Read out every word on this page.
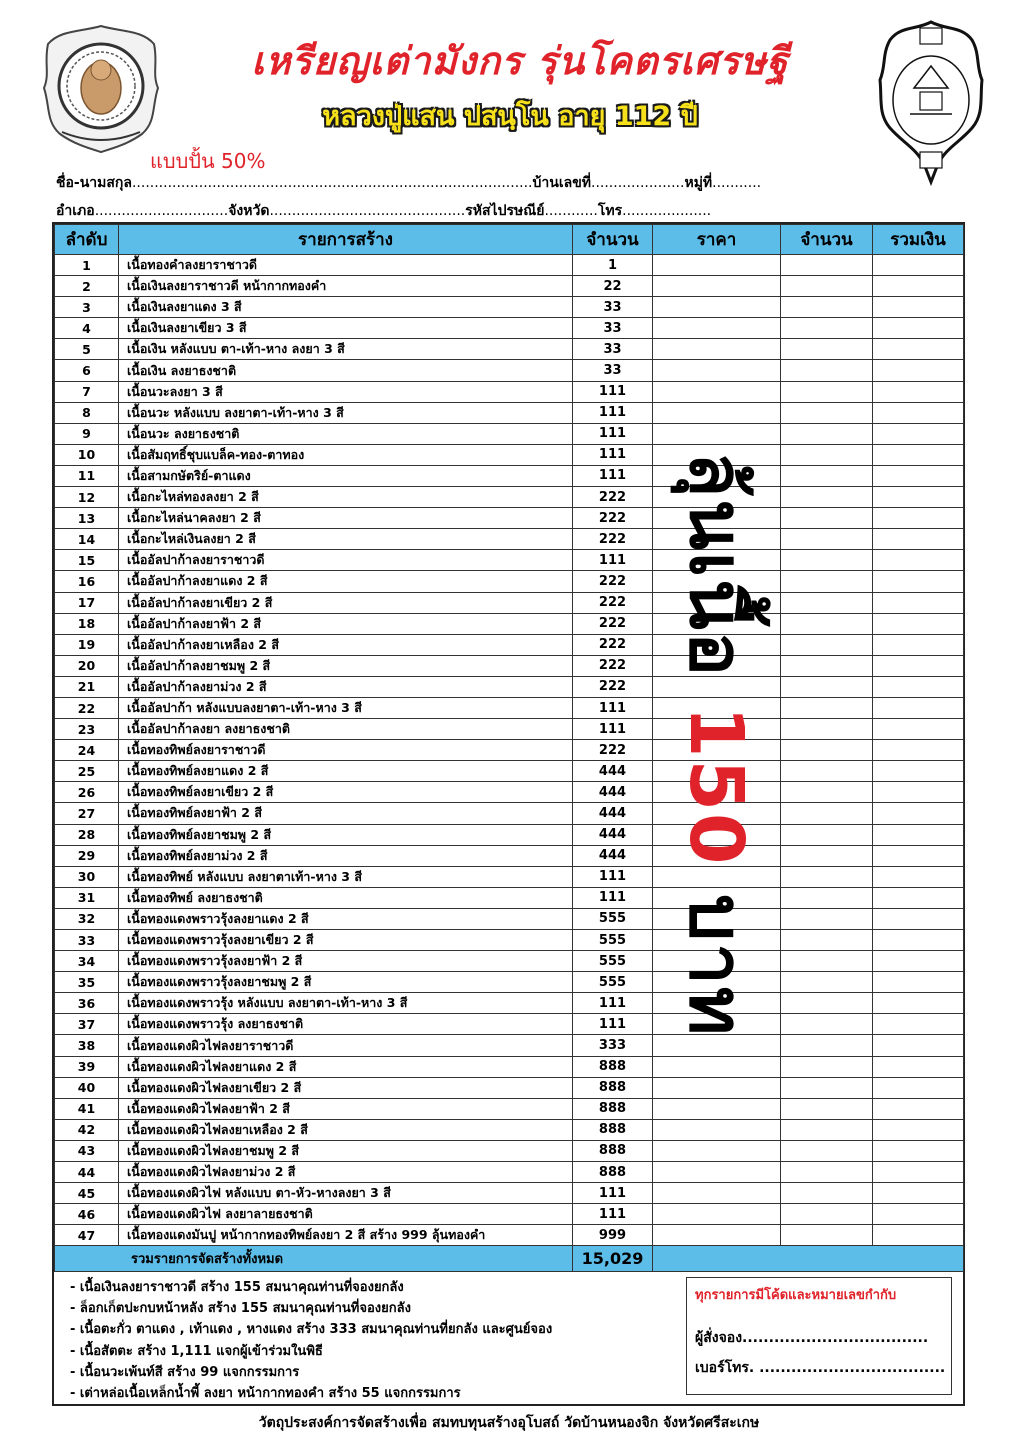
เหรียญเต่ามังกร รุ่นโคตรเศรษฐี
หลวงปู่แสน ปสนฺโน อายุ 112 ปี
แบบปั้น 50%
ชื่อ-นามสกุล..........................................................................................บ้านเลขที่.....................หมู่ที่...........
อำเภอ..............................จังหวัด............................................รหัสไปรษณีย์............โทร....................
ลำดับ	รายการสร้าง	จำนวน	ราคา	จำนวน	รวมเงิน
1	เนื้อทองคำลงยาราชาวดี	1			
2	เนื้อเงินลงยาราชาวดี หน้ากากทองคำ	22			
3	เนื้อเงินลงยาแดง 3 สี	33			
4	เนื้อเงินลงยาเขียว 3 สี	33			
5	เนื้อเงิน หลังแบบ ตา-เท้า-หาง ลงยา 3 สี	33			
6	เนื้อเงิน ลงยาธงชาติ	33			
7	เนื้อนวะลงยา 3 สี	111			
8	เนื้อนวะ หลังแบบ ลงยาตา-เท้า-หาง 3 สี	111			
9	เนื้อนวะ ลงยาธงชาติ	111			
10	เนื้อสัมฤทธิ์ชุบแบล็ค-ทอง-ตาทอง	111			
11	เนื้อสามกษัตริย์-ตาแดง	111			
12	เนื้อกะไหล่ทองลงยา 2 สี	222			
13	เนื้อกะไหล่นาคลงยา 2 สี	222			
14	เนื้อกะไหล่เงินลงยา 2 สี	222			
15	เนื้ออัลปาก้าลงยาราชาวดี	111			
16	เนื้ออัลปาก้าลงยาแดง 2 สี	222			
17	เนื้ออัลปาก้าลงยาเขียว 2 สี	222			
18	เนื้ออัลปาก้าลงยาฟ้า 2 สี	222			
19	เนื้ออัลปาก้าลงยาเหลือง 2 สี	222			
20	เนื้ออัลปาก้าลงยาชมพู 2 สี	222			
21	เนื้ออัลปาก้าลงยาม่วง 2 สี	222			
22	เนื้ออัลปาก้า หลังแบบลงยาตา-เท้า-หาง 3 สี	111			
23	เนื้ออัลปาก้าลงยา ลงยาธงชาติ	111			
24	เนื้อทองทิพย์ลงยาราชาวดี	222			
25	เนื้อทองทิพย์ลงยาแดง 2 สี	444			
26	เนื้อทองทิพย์ลงยาเขียว 2 สี	444			
27	เนื้อทองทิพย์ลงยาฟ้า 2 สี	444			
28	เนื้อทองทิพย์ลงยาชมพู 2 สี	444			
29	เนื้อทองทิพย์ลงยาม่วง 2 สี	444			
30	เนื้อทองทิพย์ หลังแบบ ลงยาตาเท้า-หาง 3 สี	111			
31	เนื้อทองทิพย์ ลงยาธงชาติ	111			
32	เนื้อทองแดงพราวรุ้งลงยาแดง 2 สี	555			
33	เนื้อทองแดงพราวรุ้งลงยาเขียว 2 สี	555			
34	เนื้อทองแดงพราวรุ้งลงยาฟ้า 2 สี	555			
35	เนื้อทองแดงพราวรุ้งลงยาชมพู 2 สี	555			
36	เนื้อทองแดงพราวรุ้ง หลังแบบ ลงยาตา-เท้า-หาง 3 สี	111			
37	เนื้อทองแดงพราวรุ้ง ลงยาธงชาติ	111			
38	เนื้อทองแดงผิวไฟลงยาราชาวดี	333			
39	เนื้อทองแดงผิวไฟลงยาแดง 2 สี	888			
40	เนื้อทองแดงผิวไฟลงยาเขียว 2 สี	888			
41	เนื้อทองแดงผิวไฟลงยาฟ้า 2 สี	888			
42	เนื้อทองแดงผิวไฟลงยาเหลือง 2 สี	888			
43	เนื้อทองแดงผิวไฟลงยาชมพู 2 สี	888			
44	เนื้อทองแดงผิวไฟลงยาม่วง 2 สี	888			
45	เนื้อทองแดงผิวไฟ หลังแบบ ตา-หัว-หางลงยา 3 สี	111			
46	เนื้อทองแดงผิวไฟ ลงยาลายธงชาติ	111			
47	เนื้อทองแดงมันปู หน้ากากทองทิพย์ลงยา 2 สี สร้าง 999 ลุ้นทองคำ	999			
รวมรายการจัดสร้างทั้งหมด		15,029			
ลุ้นเนื้อ 150 บาท
- เนื้อเงินลงยาราชาวดี สร้าง 155 สมนาคุณท่านที่จองยกลัง
- ล็อกเก็ตปะกบหน้าหลัง สร้าง 155 สมนาคุณท่านที่จองยกลัง
- เนื้อตะกั่ว ตาแดง , เท้าแดง , หางแดง สร้าง 333 สมนาคุณท่านที่ยกลัง และศูนย์จอง
- เนื้อสัตตะ สร้าง 1,111 แจกผู้เข้าร่วมในพิธี
- เนื้อนวะเพ้นท์สี สร้าง 99 แจกกรรมการ
- เต่าหล่อเนื้อเหล็กน้ำพี้ ลงยา หน้ากากทองคำ สร้าง 55 แจกกรรมการ
ทุกรายการมีโค้ดและหมายเลขกำกับ
ผู้สั่งจอง...................................
เบอร์โทร. ...................................
วัตถุประสงค์การจัดสร้างเพื่อ สมทบทุนสร้างอุโบสถ์ วัดบ้านหนองจิก จังหวัดศรีสะเกษ
